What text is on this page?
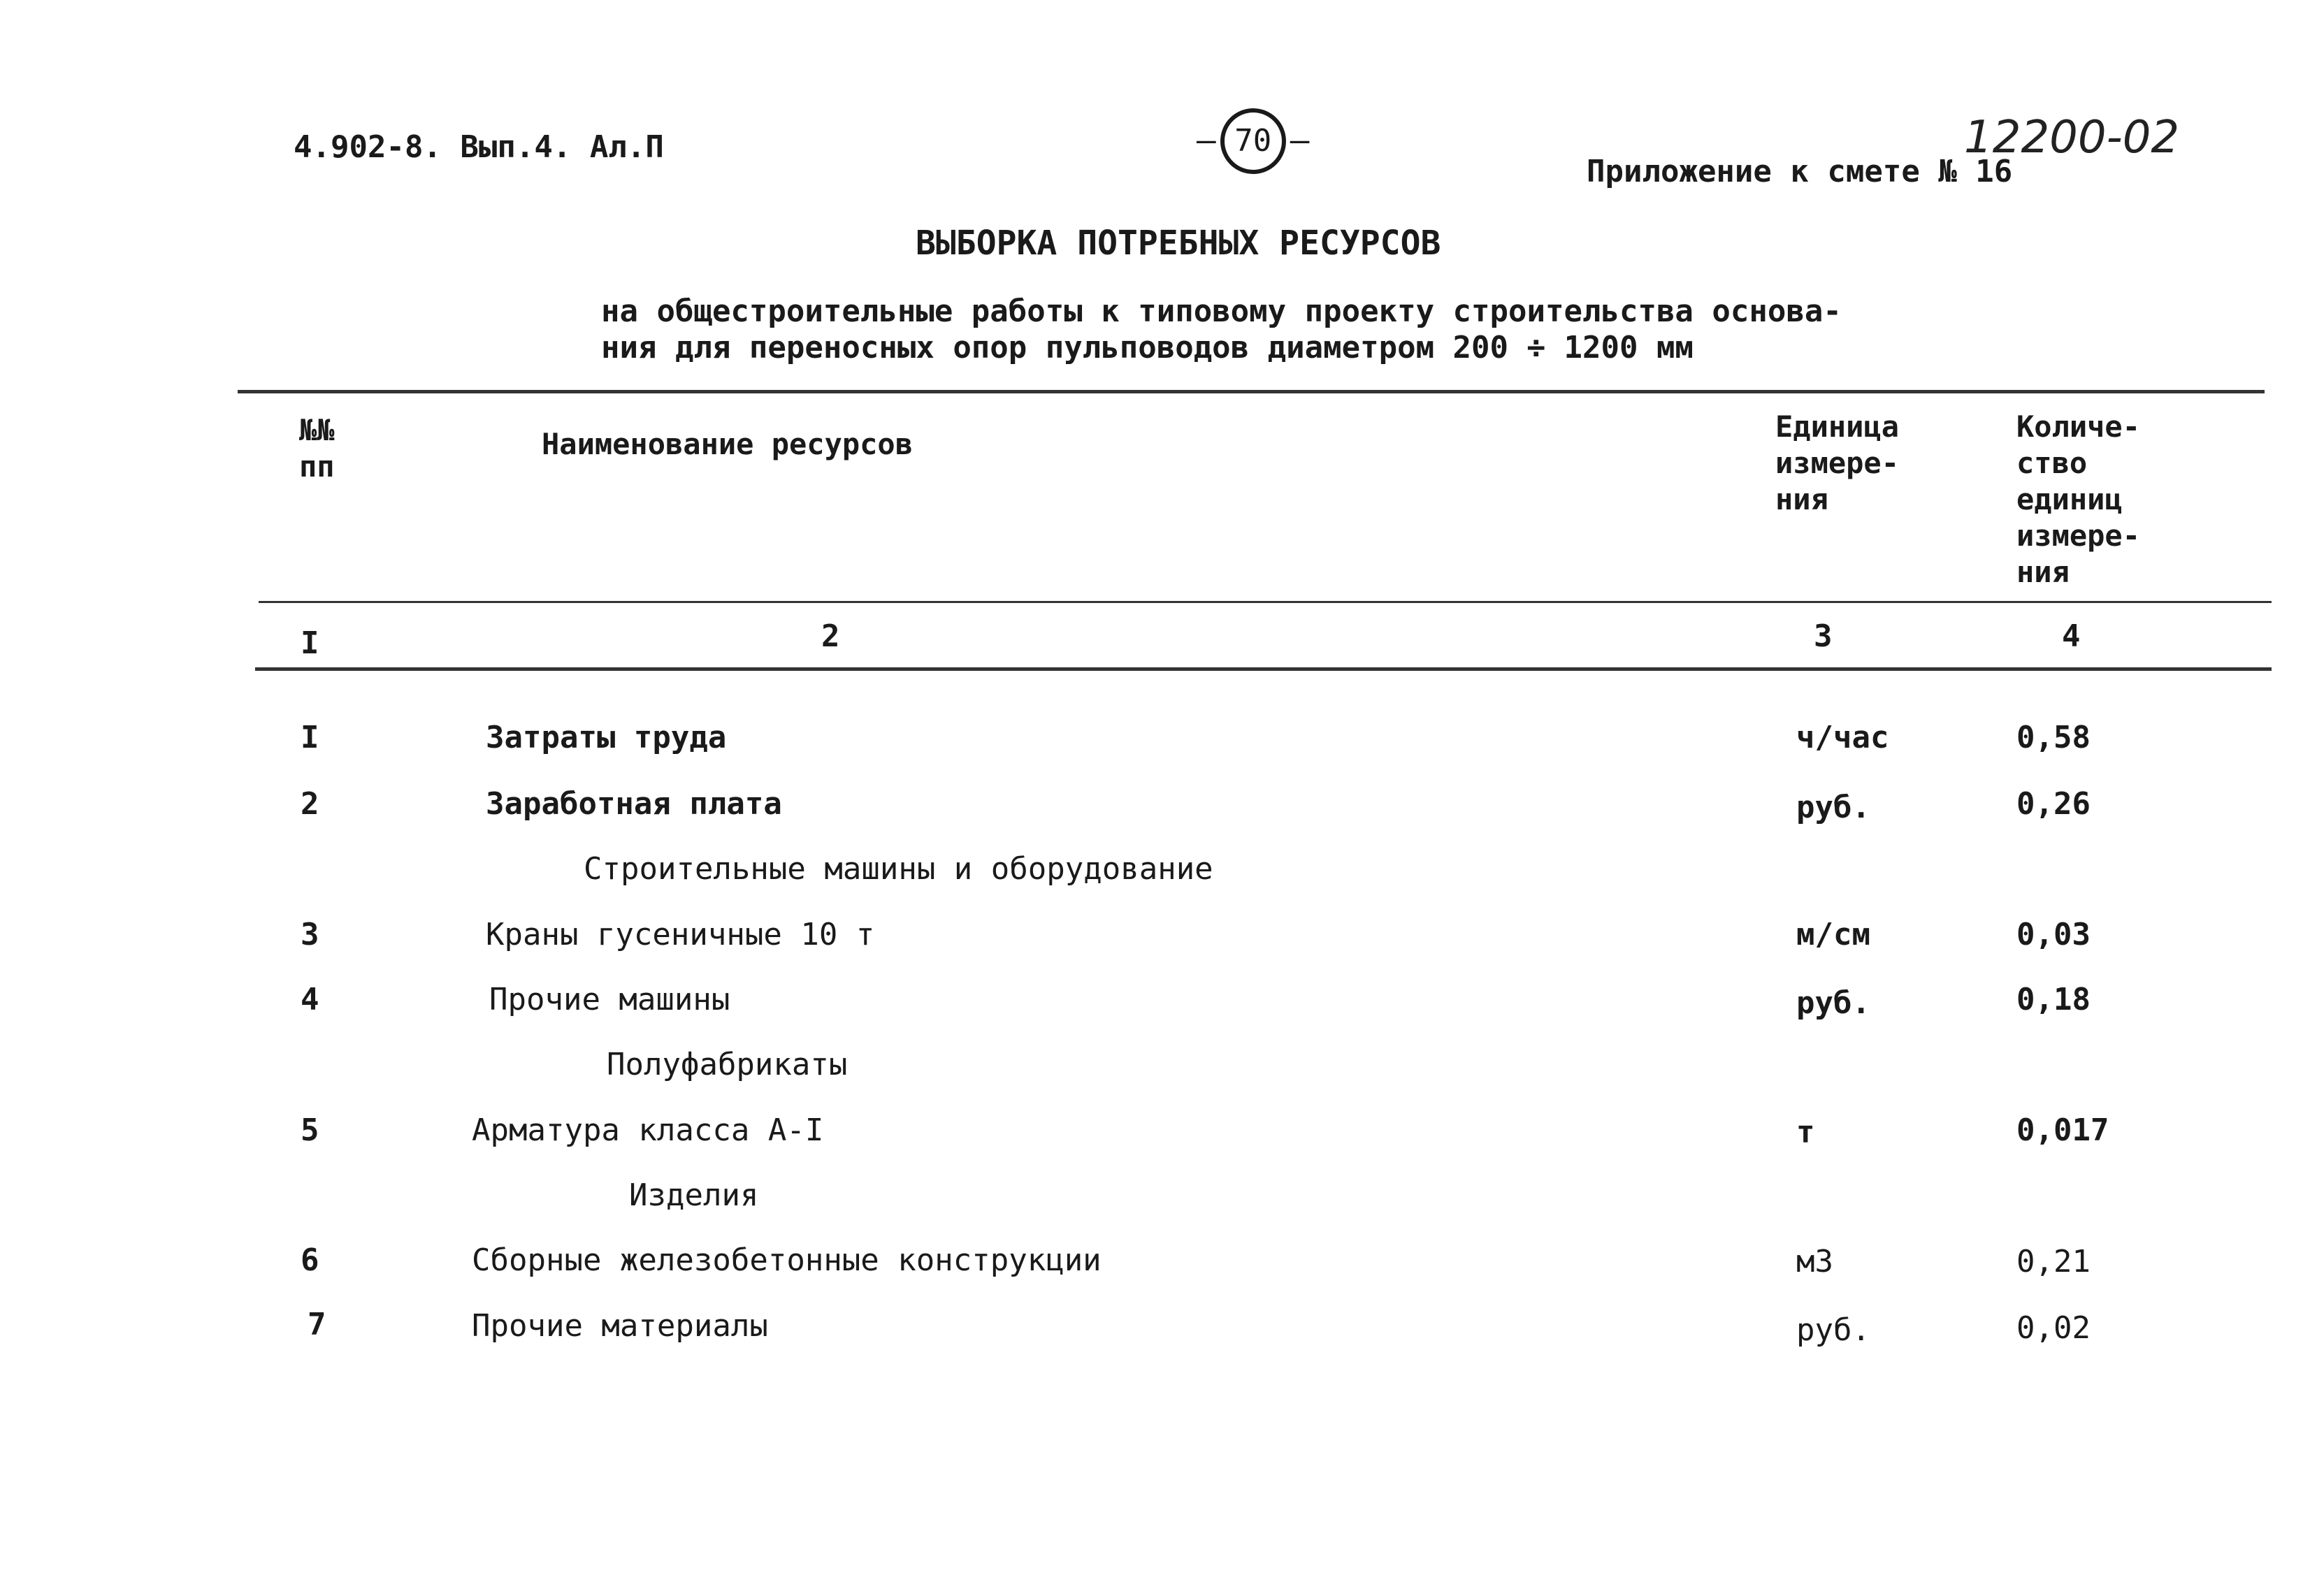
4.902-8. Вып.4. Ал.П	– 70 –	12200-02
Приложение к смете № 16
ВЫБОРКА ПОТРЕБНЫХ РЕСУРСОВ
на общестроительные работы к типовому проекту строительства основа-
ния для переносных опор пульповодов диаметром 200 ÷ 1200 мм
№№
пп
Наименование ресурсов
Единица
измере-
ния
Количе-
ство
единиц
измере-
ния
I	2	3	4
I	Затраты труда	ч/час	0,58
2	Заработная плата	руб.	0,26
Строительные машины и оборудование
3	Краны гусеничные 10 т	м/см	0,03
4	Прочие машины	руб.	0,18
Полуфабрикаты
5	Арматура класса А-I	т	0,017
Изделия
6	Сборные железобетонные конструкции	м3	0,21
7	Прочие материалы	руб.	0,02
